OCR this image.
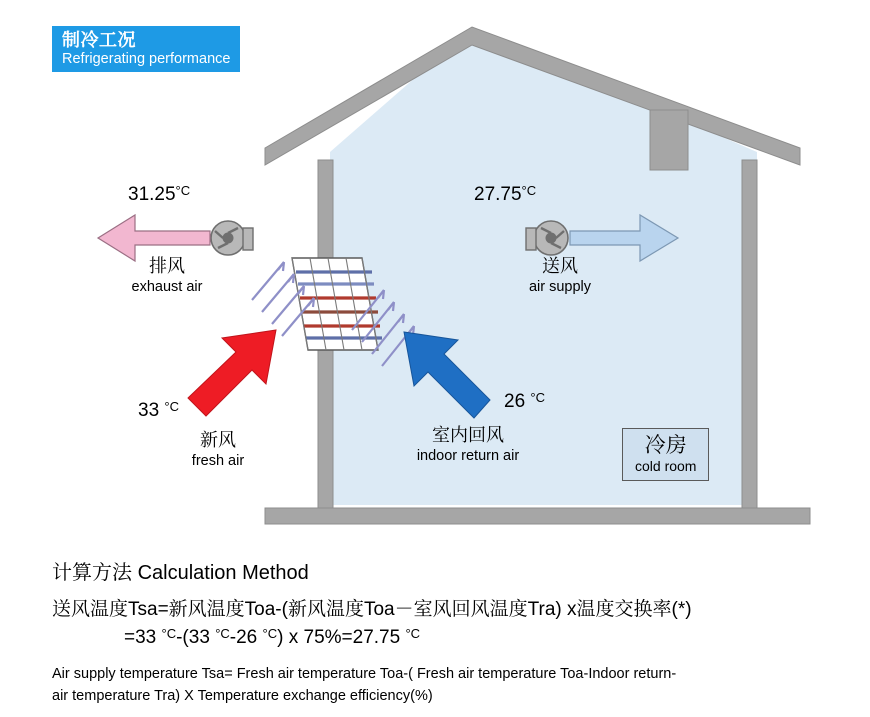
制冷工况
Refrigerating performance
$31.25^{^\circ C}$
排风
exhaust air
$27.75^{^\circ C}$
送风
air supply
33 $^{^\circ C}$
新风
fresh air
26 $^{^\circ C}$
室内回风
indoor return air	冷房
cold room
计算方法 Calculation Method
送风温度Tsa=新风温度Toa-(新风温度Toa－室风回风温度Tra) x温度交换率(*)
=33 $^{^\circ C}$-(33 $^{^\circ C}$-26 $^{^\circ C}$) x 75%=27.75 $^{^\circ C}$
Air supply temperature Tsa= Fresh air temperature Toa-( Fresh air temperature Toa-Indoor return-
air temperature Tra) X Temperature exchange efficiency(%)
